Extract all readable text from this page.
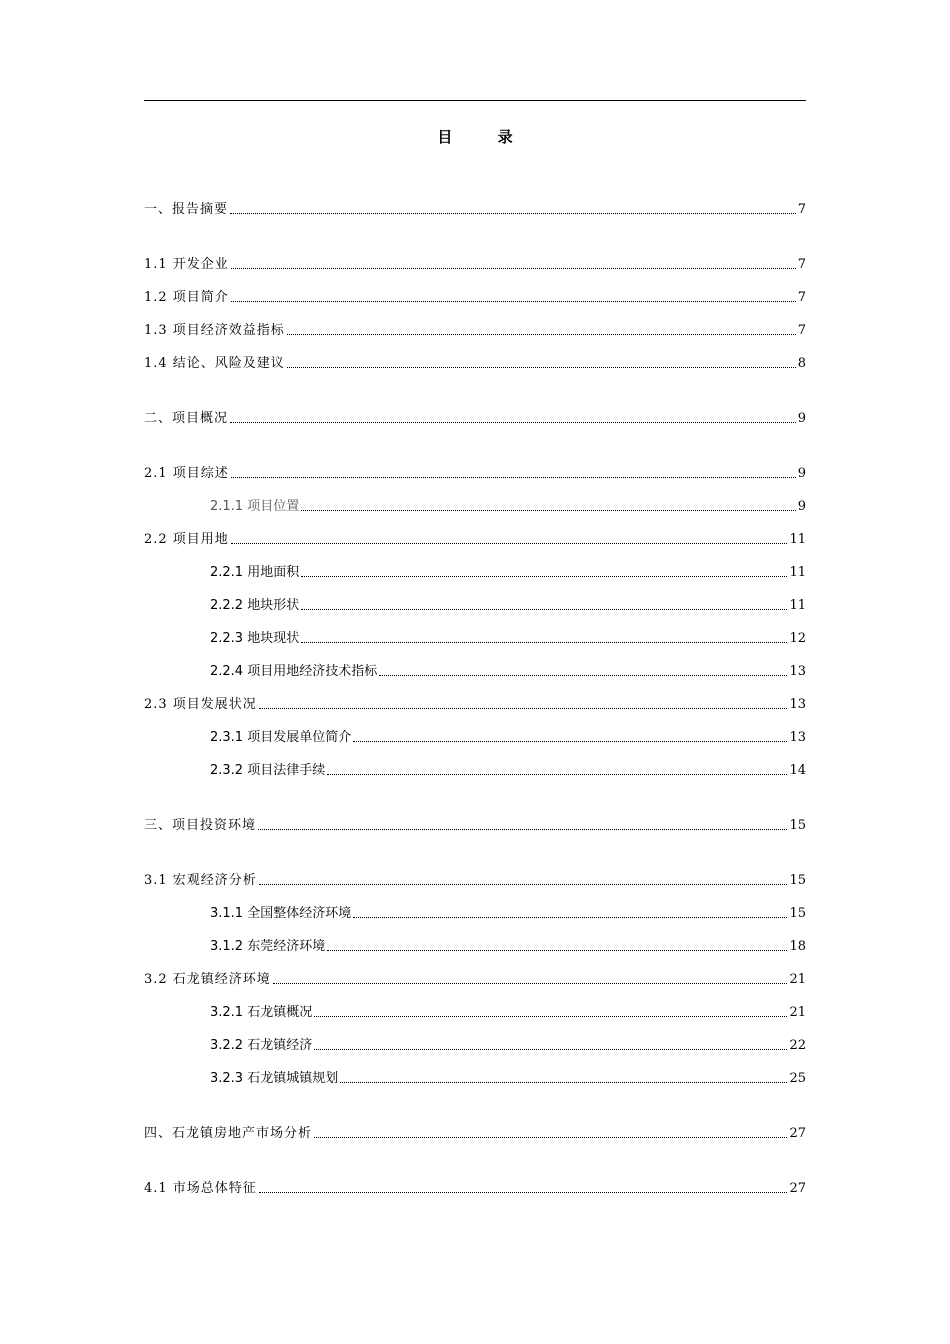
目 录
一、报告摘要	7
1.1 开发企业	7
1.2 项目简介	7
1.3 项目经济效益指标	7
1.4 结论、风险及建议	8
二、项目概况	9
2.1 项目综述	9
2.1.1 项目位置	9
2.2 项目用地	11
2.2.1 用地面积	11
2.2.2 地块形状	11
2.2.3 地块现状	12
2.2.4 项目用地经济技术指标	13
2.3 项目发展状况	13
2.3.1 项目发展单位简介	13
2.3.2 项目法律手续	14
三、项目投资环境	15
3.1 宏观经济分析	15
3.1.1 全国整体经济环境	15
3.1.2 东莞经济环境	18
3.2 石龙镇经济环境	21
3.2.1 石龙镇概况	21
3.2.2 石龙镇经济	22
3.2.3 石龙镇城镇规划	25
四、石龙镇房地产市场分析	27
4.1 市场总体特征	27
